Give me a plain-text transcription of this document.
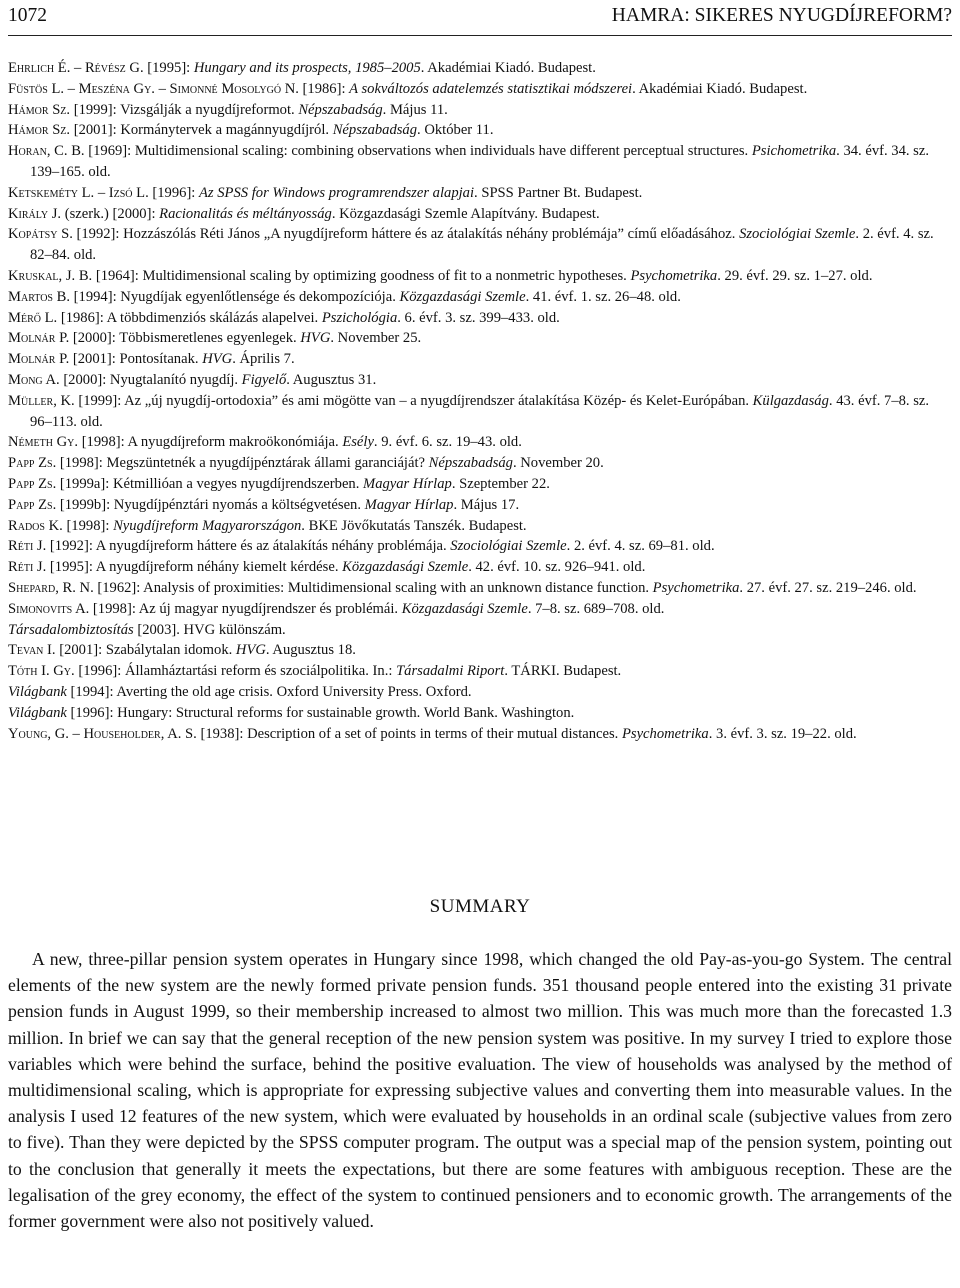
1072	HAMRA: SIKERES NYUGDÍJREFORM?

Ehrlich É. – Révész G. [1995]: Hungary and its prospects, 1985–2005. Akadémiai Kiadó. Budapest.

Füstös L. – Meszéna Gy. – Simonné Mosolygó N. [1986]: A sokváltozós adatelemzés statisztikai módszerei. Akadémiai Kiadó. Budapest.

Hámor Sz. [1999]: Vizsgálják a nyugdíjreformot. Népszabadság. Május 11.

Hámor Sz. [2001]: Kormánytervek a magánnyugdíjról. Népszabadság. Október 11.

Horan, C. B. [1969]: Multidimensional scaling: combining observations when individuals have different perceptual structures. Psichometrika. 34. évf. 34. sz. 139–165. old.

Ketskeméty L. – Izsó L. [1996]: Az SPSS for Windows programrendszer alapjai. SPSS Partner Bt. Budapest.

Király J. (szerk.) [2000]: Racionalitás és méltányosság. Közgazdasági Szemle Alapítvány. Budapest.

Kopátsy S. [1992]: Hozzászólás Réti János „A nyugdíjreform háttere és az átalakítás néhány problémája” című előadásához. Szociológiai Szemle. 2. évf. 4. sz. 82–84. old.

Kruskal, J. B. [1964]: Multidimensional scaling by optimizing goodness of fit to a nonmetric hypotheses. Psychometrika. 29. évf. 29. sz. 1–27. old.

Martos B. [1994]: Nyugdíjak egyenlőtlensége és dekompozíciója. Közgazdasági Szemle. 41. évf. 1. sz. 26–48. old.

Mérő L. [1986]: A többdimenziós skálázás alapelvei. Pszichológia. 6. évf. 3. sz. 399–433. old.

Molnár P. [2000]: Többismeretlenes egyenlegek. HVG. November 25.

Molnár P. [2001]: Pontosítanak. HVG. Április 7.

Mong A. [2000]: Nyugtalanító nyugdíj. Figyelő. Augusztus 31.

Müller, K. [1999]: Az „új nyugdíj-ortodoxia” és ami mögötte van – a nyugdíjrendszer átalakítása Közép- és Kelet-Európában. Külgazdaság. 43. évf. 7–8. sz. 96–113. old.

Németh Gy. [1998]: A nyugdíjreform makroökonómiája. Esély. 9. évf. 6. sz. 19–43. old.

Papp Zs. [1998]: Megszüntetnék a nyugdíjpénztárak állami garanciáját? Népszabadság. November 20.

Papp Zs. [1999a]: Kétmillióan a vegyes nyugdíjrendszerben. Magyar Hírlap. Szeptember 22.

Papp Zs. [1999b]: Nyugdíjpénztári nyomás a költségvetésen. Magyar Hírlap. Május 17.

Rados K. [1998]: Nyugdíjreform Magyarországon. BKE Jövőkutatás Tanszék. Budapest.

Réti J. [1992]: A nyugdíjreform háttere és az átalakítás néhány problémája. Szociológiai Szemle. 2. évf. 4. sz. 69–81. old.

Réti J. [1995]: A nyugdíjreform néhány kiemelt kérdése. Közgazdasági Szemle. 42. évf. 10. sz. 926–941. old.

Shepard, R. N. [1962]: Analysis of proximities: Multidimensional scaling with an unknown distance function. Psychometrika. 27. évf. 27. sz. 219–246. old.

Simonovits A. [1998]: Az új magyar nyugdíjrendszer és problémái. Közgazdasági Szemle. 7–8. sz. 689–708. old.

Társadalombiztosítás [2003]. HVG különszám.

Tevan I. [2001]: Szabálytalan idomok. HVG. Augusztus 18.

Tóth I. Gy. [1996]: Államháztartási reform és szociálpolitika. In.: Társadalmi Riport. TÁRKI. Budapest.

Világbank [1994]: Averting the old age crisis. Oxford University Press. Oxford.

Világbank [1996]: Hungary: Structural reforms for sustainable growth. World Bank. Washington.

Young, G. – Householder, A. S. [1938]: Description of a set of points in terms of their mutual distances. Psychometrika. 3. évf. 3. sz. 19–22. old.

SUMMARY

A new, three-pillar pension system operates in Hungary since 1998, which changed the old Pay-as-you-go System. The central elements of the new system are the newly formed private pension funds. 351 thousand people entered into the existing 31 private pension funds in August 1999, so their membership increased to almost two million. This was much more than the forecasted 1.3 million. In brief we can say that the general reception of the new pension system was positive. In my survey I tried to explore those variables which were behind the surface, behind the positive evaluation. The view of households was analysed by the method of multidimensional scaling, which is appropriate for expressing subjective values and converting them into measurable values. In the analysis I used 12 features of the new system, which were evaluated by households in an ordinal scale (subjective values from zero to five). Than they were depicted by the SPSS computer program. The output was a special map of the pension system, pointing out to the conclusion that generally it meets the expectations, but there are some features with ambiguous reception. These are the legalisation of the grey economy, the effect of the system to continued pensioners and to economic growth. The arrangements of the former government were also not positively valued.
